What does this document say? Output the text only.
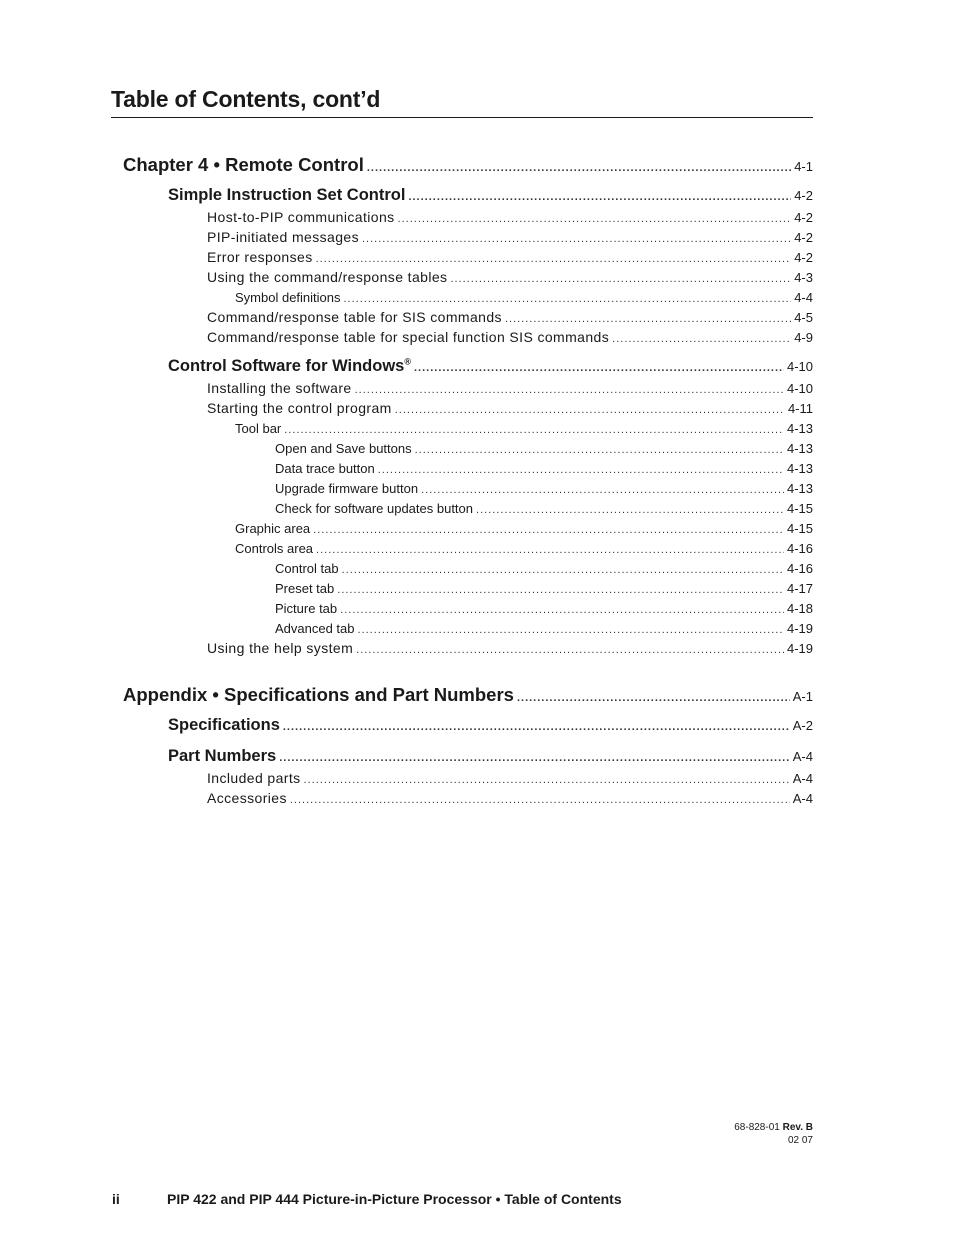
Table of Contents, cont’d
Chapter 4 • Remote Control .....	4-1
Simple Instruction Set Control .....	4-2
Host-to-PIP communications .....	4-2
PIP-initiated messages .....	4-2
Error responses .....	4-2
Using the command/response tables .....	4-3
Symbol definitions .....	4-4
Command/response table for SIS commands .....	4-5
Command/response table for special function SIS commands .....	4-9
Control Software for Windows® .....	4-10
Installing the software .....	4-10
Starting the control program .....	4-11
Tool bar .....	4-13
Open and Save buttons .....	4-13
Data trace button .....	4-13
Upgrade firmware button .....	4-13
Check for software updates button .....	4-15
Graphic area .....	4-15
Controls area .....	4-16
Control tab .....	4-16
Preset tab .....	4-17
Picture tab .....	4-18
Advanced tab .....	4-19
Using the help system .....	4-19
Appendix • Specifications and Part Numbers .....	A-1
Specifications .....	A-2
Part Numbers .....	A-4
Included parts .....	A-4
Accessories .....	A-4
68-828-01 Rev. B
02 07
ii	PIP 422 and PIP 444 Picture-in-Picture Processor • Table of Contents
